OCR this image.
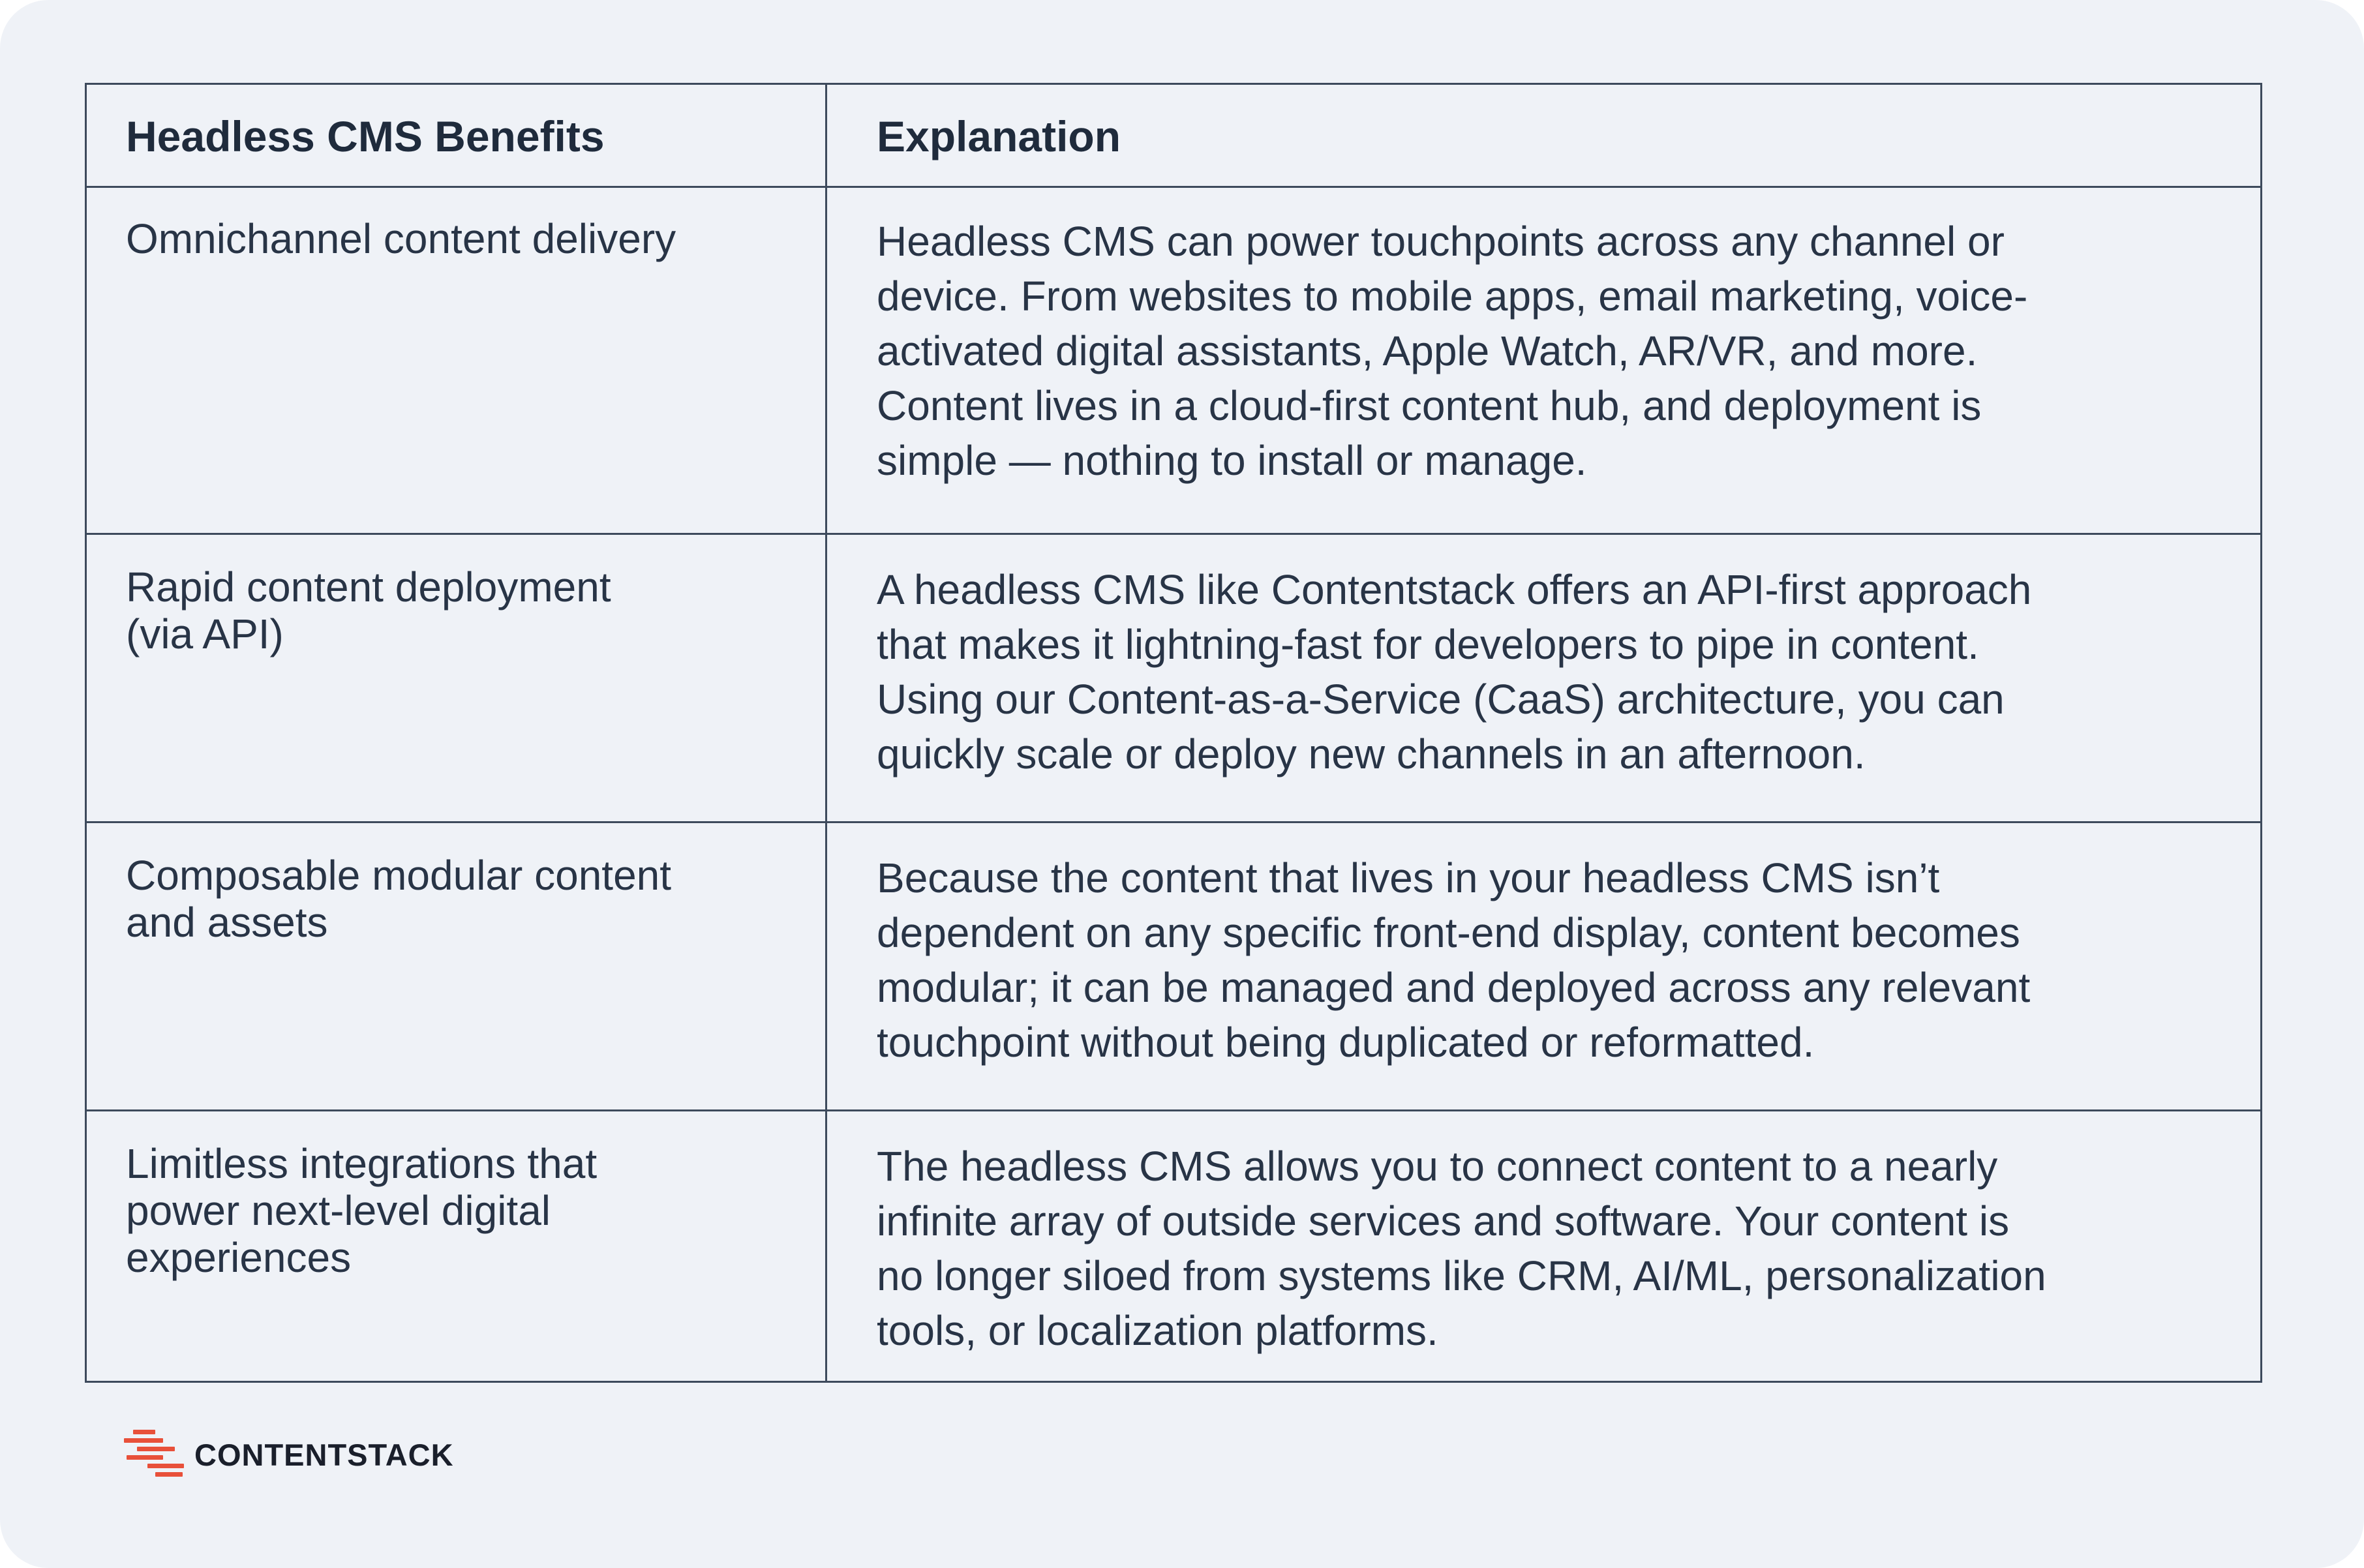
Headless CMS Benefits	Explanation
Omnichannel content delivery	Headless CMS can power touchpoints across any channel or
device. From websites to mobile apps, email marketing, voice-
activated digital assistants, Apple Watch, AR/VR, and more.
Content lives in a cloud-first content hub, and deployment is
simple — nothing to install or manage.
Rapid content deployment
(via API)
A headless CMS like Contentstack offers an API-first approach
that makes it lightning-fast for developers to pipe in content.
Using our Content-as-a-Service (CaaS) architecture, you can
quickly scale or deploy new channels in an afternoon.
Composable modular content
and assets
Because the content that lives in your headless CMS isn’t
dependent on any specific front-end display, content becomes
modular; it can be managed and deployed across any relevant
touchpoint without being duplicated or reformatted.
Limitless integrations that
power next-level digital
experiences
The headless CMS allows you to connect content to a nearly
infinite array of outside services and software. Your content is
no longer siloed from systems like CRM, AI/ML, personalization
tools, or localization platforms.
CONTENTSTACK
